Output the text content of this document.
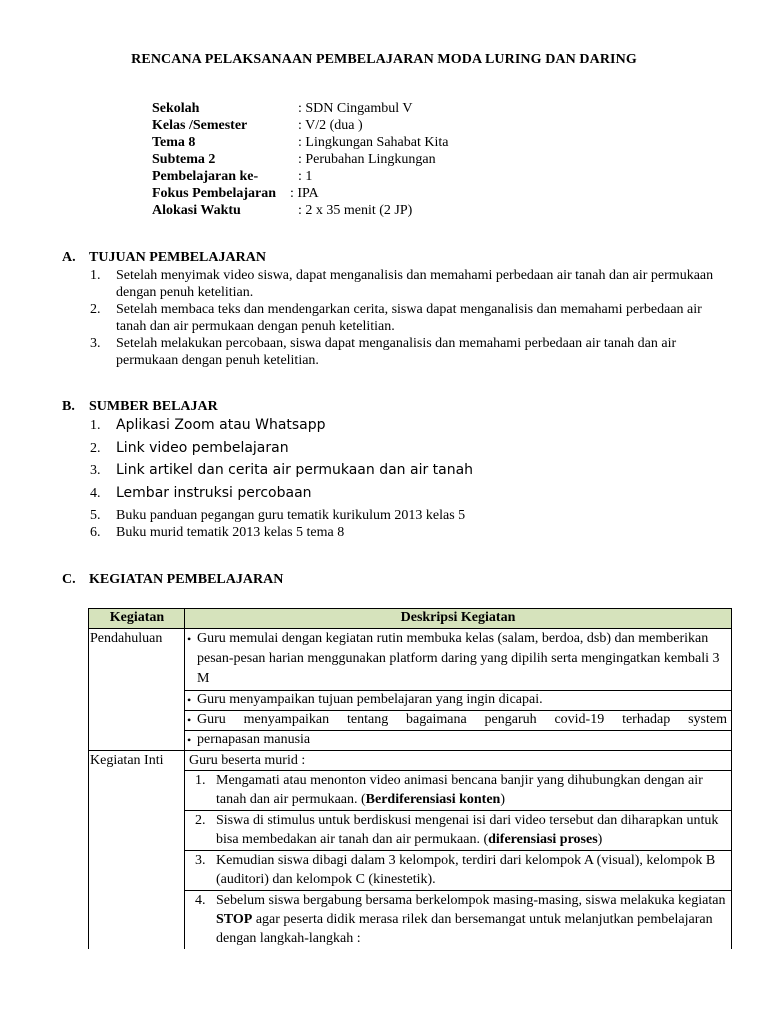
RENCANA PELAKSANAAN PEMBELAJARAN MODA LURING DAN DARING
Sekolah	: SDN Cingambul V
Kelas /Semester	: V/2 (dua )
Tema 8	: Lingkungan Sahabat Kita
Subtema 2	: Perubahan Lingkungan
Pembelajaran ke-	: 1
Fokus Pembelajaran : IPA
Alokasi Waktu	: 2 x 35 menit (2 JP)
A. TUJUAN PEMBELAJARAN
1.	Setelah menyimak video siswa, dapat menganalisis dan memahami perbedaan air tanah dan air permukaan dengan penuh ketelitian.
2.	Setelah membaca teks dan mendengarkan cerita, siswa dapat menganalisis dan memahami perbedaan air tanah dan air permukaan dengan penuh ketelitian.
3.	Setelah melakukan percobaan, siswa dapat menganalisis dan memahami perbedaan air tanah dan air permukaan dengan penuh ketelitian.
B.	SUMBER BELAJAR
1.	Aplikasi Zoom atau Whatsapp
2.	Link video pembelajaran
3.	Link artikel dan cerita air permukaan dan air tanah
4.	Lembar instruksi percobaan
5.	Buku panduan pegangan guru tematik kurikulum 2013 kelas 5
6.	Buku murid tematik 2013 kelas 5 tema 8
C. KEGIATAN PEMBELAJARAN
Kegiatan	Deskripsi Kegiatan
Pendahuluan	• Guru memulai dengan kegiatan rutin membuka kelas (salam, berdoa, dsb) dan memberikan pesan-pesan harian menggunakan platform daring yang dipilih serta mengingatkan kembali 3 M

	• Guru menyampaikan tujuan pembelajaran yang ingin dicapai.

	• Guru menyampaikan tentang bagaimana pengaruh covid-19 terhadap system

	• pernapasan manusia

Kegiatan Inti	Guru beserta murid :

	1. Mengamati atau menonton video animasi bencana banjir yang dihubungkan dengan air tanah dan air permukaan. (Berdiferensiasi konten)

	2. Siswa di stimulus untuk berdiskusi mengenai isi dari video tersebut dan diharapkan untuk bisa membedakan air tanah dan air permukaan. (diferensiasi proses)

	3. Kemudian siswa dibagi dalam 3 kelompok, terdiri dari kelompok A (visual), kelompok B (auditori) dan kelompok C (kinestetik).

	4. Sebelum siswa bergabung bersama berkelompok masing-masing, siswa melakuka kegiatan STOP agar peserta didik merasa rilek dan bersemangat untuk melanjutkan pembelajaran dengan langkah-langkah :
